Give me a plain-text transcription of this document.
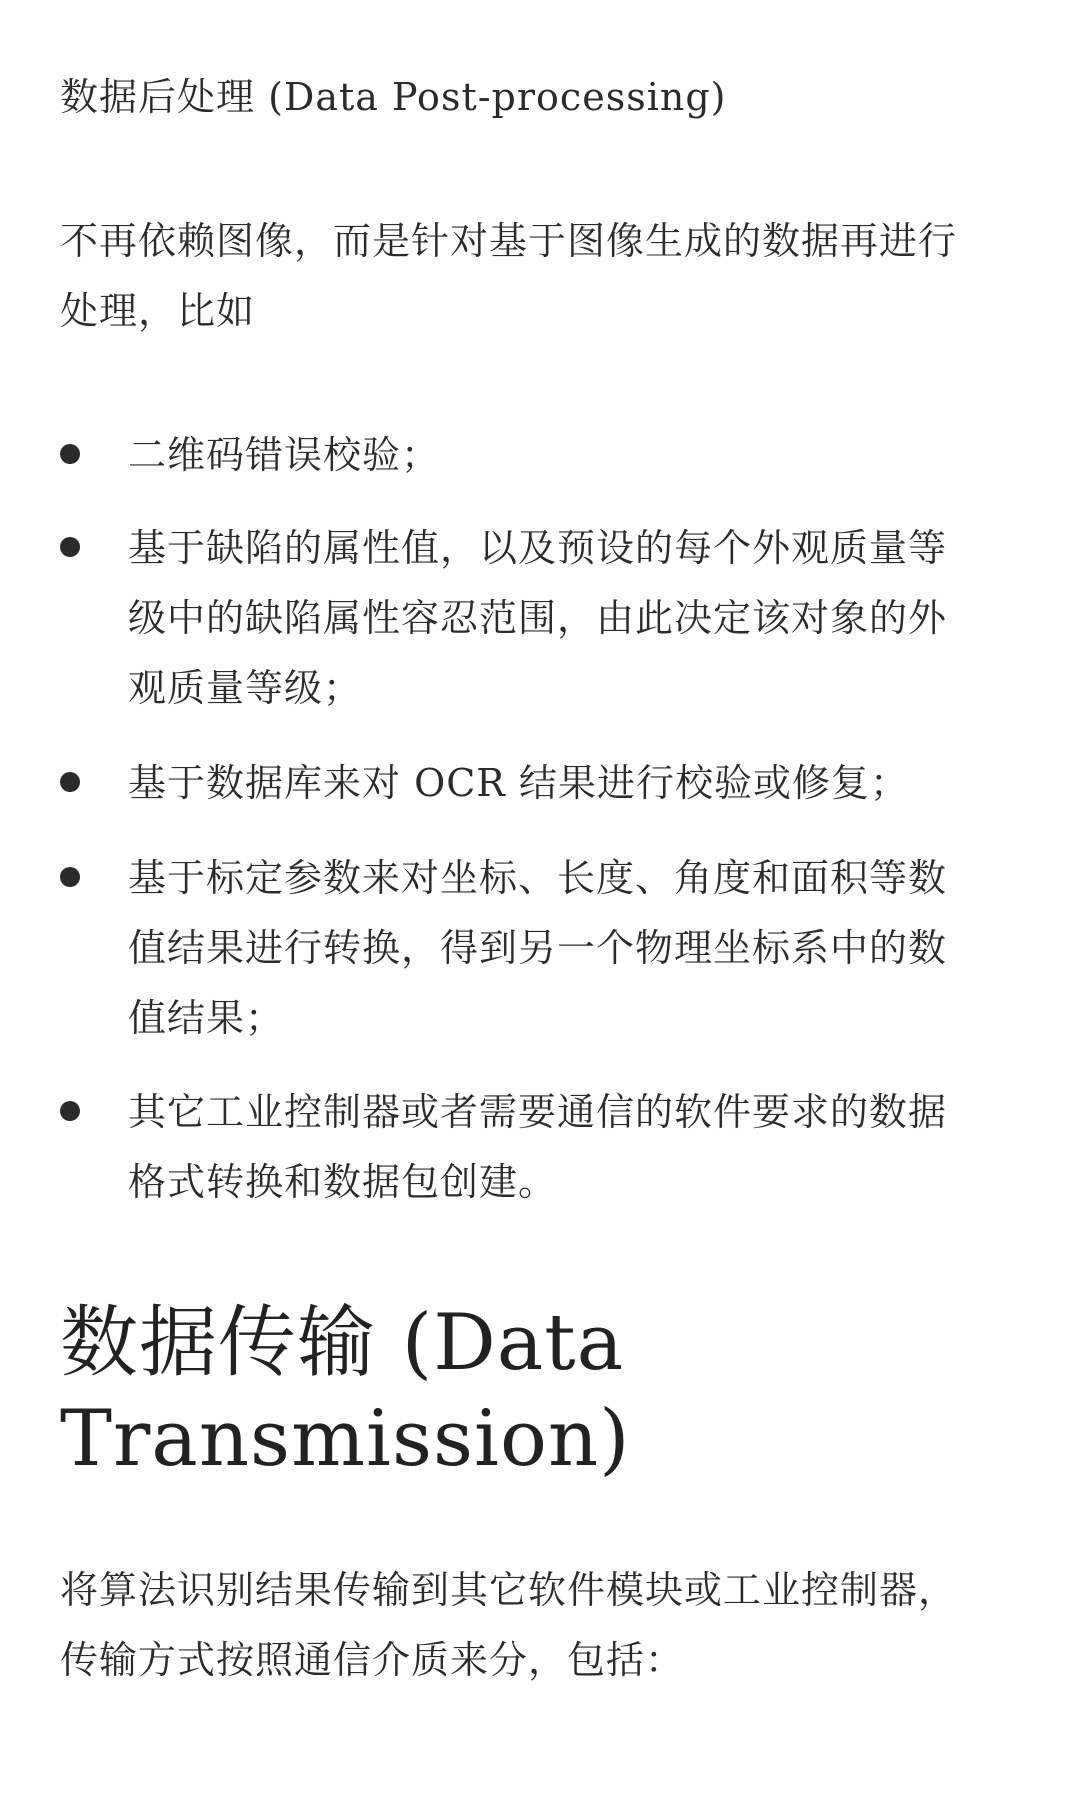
数据后处理 (Data Post-processing)

不再依赖图像，而是针对基于图像生成的数据再进行
处理，比如

二维码错误校验；

基于缺陷的属性值，以及预设的每个外观质量等
级中的缺陷属性容忍范围，由此决定该对象的外
观质量等级；

基于数据库来对 OCR 结果进行校验或修复；

基于标定参数来对坐标、长度、角度和面积等数
值结果进行转换，得到另一个物理坐标系中的数
值结果；

其它工业控制器或者需要通信的软件要求的数据
格式转换和数据包创建。

数据传输 (Data
Transmission)

将算法识别结果传输到其它软件模块或工业控制器，
传输方式按照通信介质来分，包括：
